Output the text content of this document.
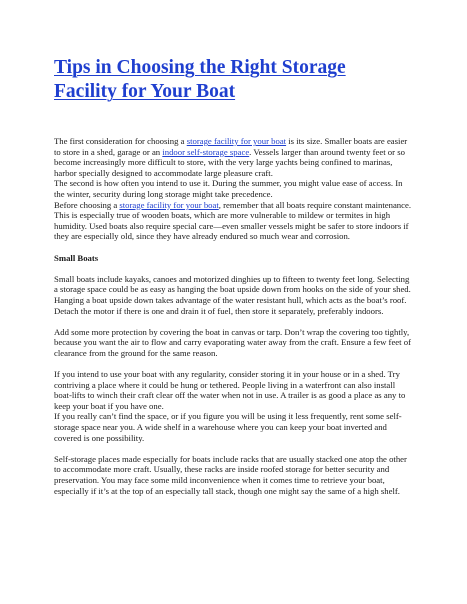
Tips in Choosing the Right Storage Facility for Your Boat

The first consideration for choosing a storage facility for your boat is its size. Smaller boats are easier to store in a shed, garage or an indoor self-storage space. Vessels larger than around twenty feet or so become increasingly more difficult to store, with the very large yachts being confined to marinas, harbor specially designed to accommodate large pleasure craft.

The second is how often you intend to use it. During the summer, you might value ease of access. In the winter, security during long storage might take precedence.

Before choosing a storage facility for your boat, remember that all boats require constant maintenance. This is especially true of wooden boats, which are more vulnerable to mildew or termites in high humidity. Used boats also require special care—even smaller vessels might be safer to store indoors if they are especially old, since they have already endured so much wear and corrosion.

Small Boats

Small boats include kayaks, canoes and motorized dinghies up to fifteen to twenty feet long. Selecting a storage space could be as easy as hanging the boat upside down from hooks on the side of your shed. Hanging a boat upside down takes advantage of the water resistant hull, which acts as the boat’s roof. Detach the motor if there is one and drain it of fuel, then store it separately, preferably indoors.

Add some more protection by covering the boat in canvas or tarp. Don’t wrap the covering too tightly, because you want the air to flow and carry evaporating water away from the craft. Ensure a few feet of clearance from the ground for the same reason.

If you intend to use your boat with any regularity, consider storing it in your house or in a shed. Try contriving a place where it could be hung or tethered. People living in a waterfront can also install boat-lifts to winch their craft clear off the water when not in use. A trailer is as good a place as any to keep your boat if you have one.

If you really can’t find the space, or if you figure you will be using it less frequently, rent some self-storage space near you. A wide shelf in a warehouse where you can keep your boat inverted and covered is one possibility.

Self-storage places made especially for boats include racks that are usually stacked one atop the other to accommodate more craft. Usually, these racks are inside roofed storage for better security and preservation. You may face some mild inconvenience when it comes time to retrieve your boat, especially if it’s at the top of an especially tall stack, though one might say the same of a high shelf.
